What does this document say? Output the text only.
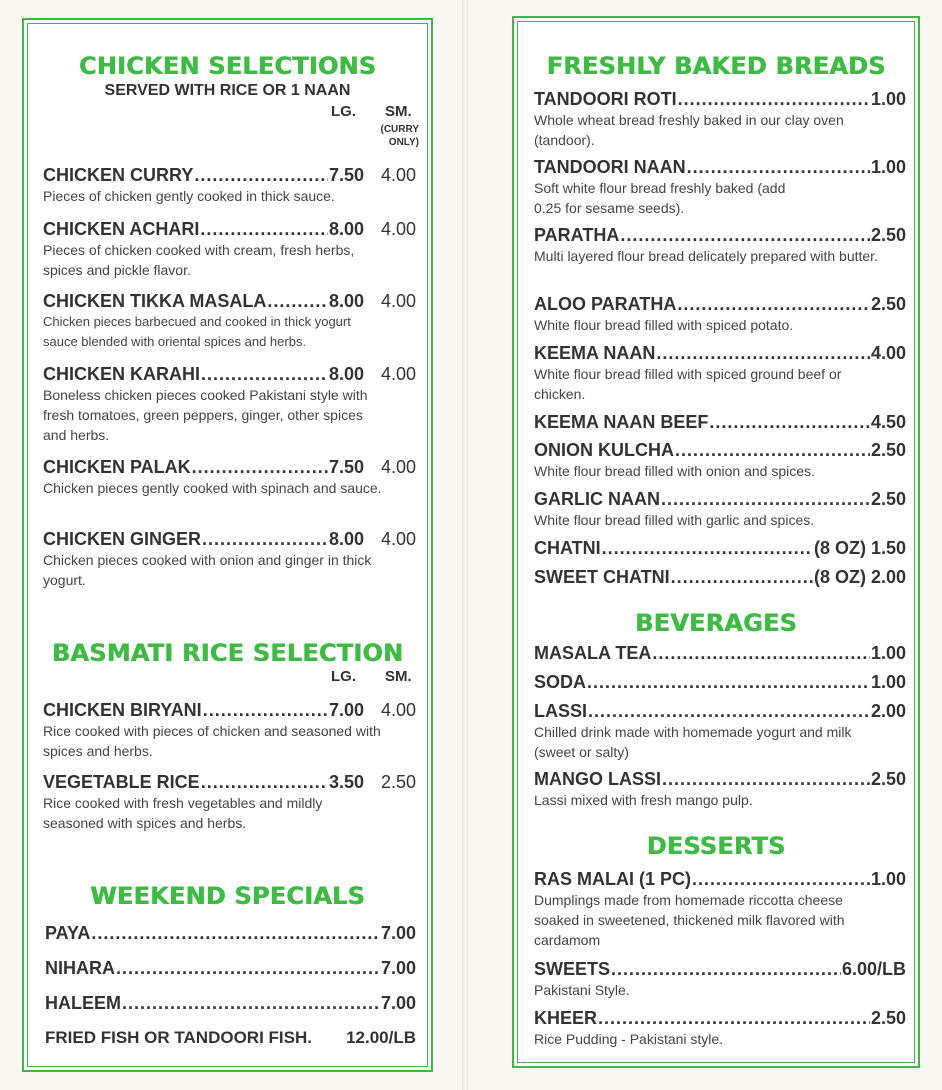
CHICKEN SELECTIONS
SERVED WITH RICE OR 1 NAAN
LG. SM.
(CURRY
ONLY)
CHICKEN CURRY .....	7.50 4.00
Pieces of chicken gently cooked in thick sauce.
CHICKEN ACHARI .....	8.00 4.00
Pieces of chicken cooked with cream, fresh herbs, spices and pickle flavor.
CHICKEN TIKKA MASALA .....	8.00 4.00
Chicken pieces barbecued and cooked in thick yogurt sauce blended with oriental spices and herbs.
CHICKEN KARAHI .....	8.00 4.00
Boneless chicken pieces cooked Pakistani style with fresh tomatoes, green peppers, ginger, other spices and herbs.
CHICKEN PALAK .....	7.50 4.00
Chicken pieces gently cooked with spinach and sauce.
CHICKEN GINGER .....	8.00 4.00
Chicken pieces cooked with onion and ginger in thick yogurt.
BASMATI RICE SELECTION
LG. SM.
CHICKEN BIRYANI .....	7.00 4.00
Rice cooked with pieces of chicken and seasoned with spices and herbs.
VEGETABLE RICE .....	3.50 2.50
Rice cooked with fresh vegetables and mildly seasoned with spices and herbs.
WEEKEND SPECIALS
PAYA .....	7.00
NIHARA .....	7.00
HALEEM .....	7.00
FRIED FISH OR TANDOORI FISH. 12.00/LB
FRESHLY BAKED BREADS
TANDOORI ROTI .....	1.00
Whole wheat bread freshly baked in our clay oven (tandoor).
TANDOORI NAAN .....	1.00
Soft white flour bread freshly baked (add 0.25 for sesame seeds).
PARATHA .....	2.50
Multi layered flour bread delicately prepared with butter.
ALOO PARATHA .....	2.50
White flour bread filled with spiced potato.
KEEMA NAAN .....	4.00
White flour bread filled with spiced ground beef or chicken.
KEEMA NAAN BEEF .....	4.50
ONION KULCHA .....	2.50
White flour bread filled with onion and spices.
GARLIC NAAN .....	2.50
White flour bread filled with garlic and spices.
CHATNI .....	(8 OZ) 1.50
SWEET CHATNI .....	(8 OZ) 2.00
BEVERAGES
MASALA TEA .....	1.00
SODA .....	1.00
LASSI .....	2.00
Chilled drink made with homemade yogurt and milk (sweet or salty)
MANGO LASSI .....	2.50
Lassi mixed with fresh mango pulp.
DESSERTS
RAS MALAI (1 PC) .....	1.00
Dumplings made from homemade riccotta cheese soaked in sweetened, thickened milk flavored with cardamom
SWEETS .....	6.00/LB
Pakistani Style.
KHEER .....	2.50
Rice Pudding - Pakistani style.
